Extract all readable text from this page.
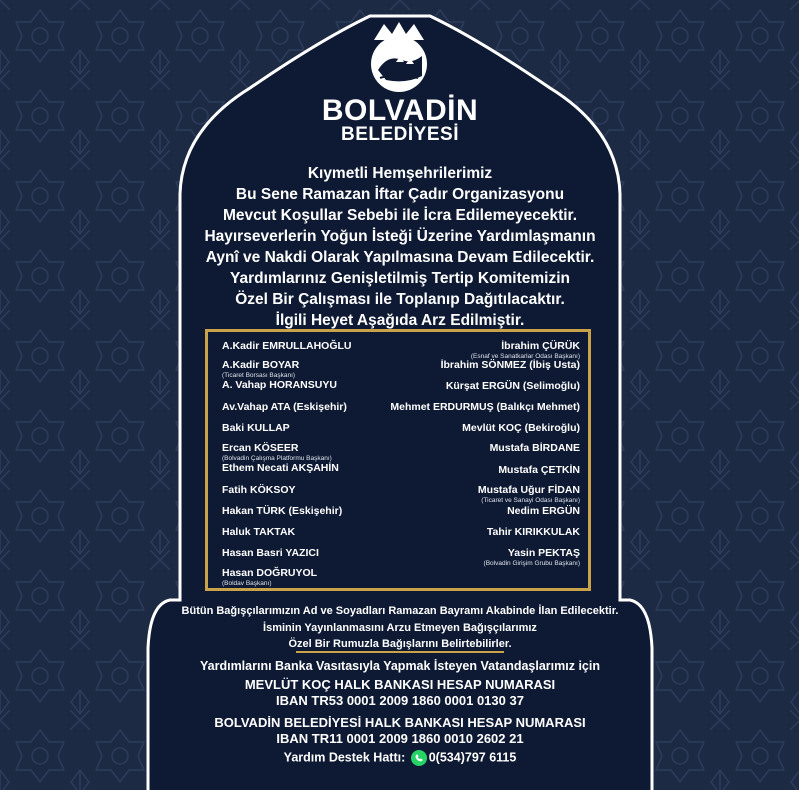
BOLVADİN
BELEDİYESİ
Kıymetli Hemşehrilerimiz
Bu Sene Ramazan İftar Çadır Organizasyonu
Mevcut Koşullar Sebebi ile İcra Edilemeyecektir.
Hayırseverlerin Yoğun İsteği Üzerine Yardımlaşmanın
Aynî ve Nakdi Olarak Yapılmasına Devam Edilecektir.
Yardımlarınız Genişletilmiş Tertip Komitemizin
Özel Bir Çalışması ile Toplanıp Dağıtılacaktır.
İlgili Heyet Aşağıda Arz Edilmiştir.
A.Kadir EMRULLAHOĞLU
A.Kadir BOYAR
(Ticaret Borsası Başkanı)
A. Vahap HORANSUYU
Av.Vahap ATA (Eskişehir)
Baki KULLAP
Ercan KÖSEER
(Bolvadin Çalışma Platformu Başkanı)
Ethem Necati AKŞAHİN
Fatih KÖKSOY
Hakan TÜRK (Eskişehir)
Haluk TAKTAK
Hasan Basri YAZICI
Hasan DOĞRUYOL
(Boldav Başkanı)
İbrahim ÇÜRÜK
(Esnaf ve Sanatkarlar Odası Başkanı)
İbrahim SÖNMEZ (İbiş Usta)
Kürşat ERGÜN (Selimoğlu)
Mehmet ERDURMUŞ (Balıkçı Mehmet)
Mevlüt KOÇ (Bekiroğlu)
Mustafa BİRDANE
Mustafa ÇETKİN
Mustafa Uğur FİDAN
(Ticaret ve Sanayi Odası Başkanı)
Nedim ERGÜN
Tahir KIRIKKULAK
Yasin PEKTAŞ
(Bolvadin Girişim Grubu Başkanı)
Bütün Bağışçılarımızın Ad ve Soyadları Ramazan Bayramı Akabinde İlan Edilecektir.
İsminin Yayınlanmasını Arzu Etmeyen Bağışçılarımız
Özel Bir Rumuzla Bağışlarını Belirtebilirler.
Yardımlarını Banka Vasıtasıyla Yapmak İsteyen Vatandaşlarımız için
MEVLÜT KOÇ HALK BANKASI HESAP NUMARASI
IBAN TR53 0001 2009 1860 0001 0130 37
BOLVADİN BELEDİYESİ HALK BANKASI HESAP NUMARASI
IBAN TR11 0001 2009 1860 0010 2602 21
Yardım Destek Hattı: 0(534)797 6115
